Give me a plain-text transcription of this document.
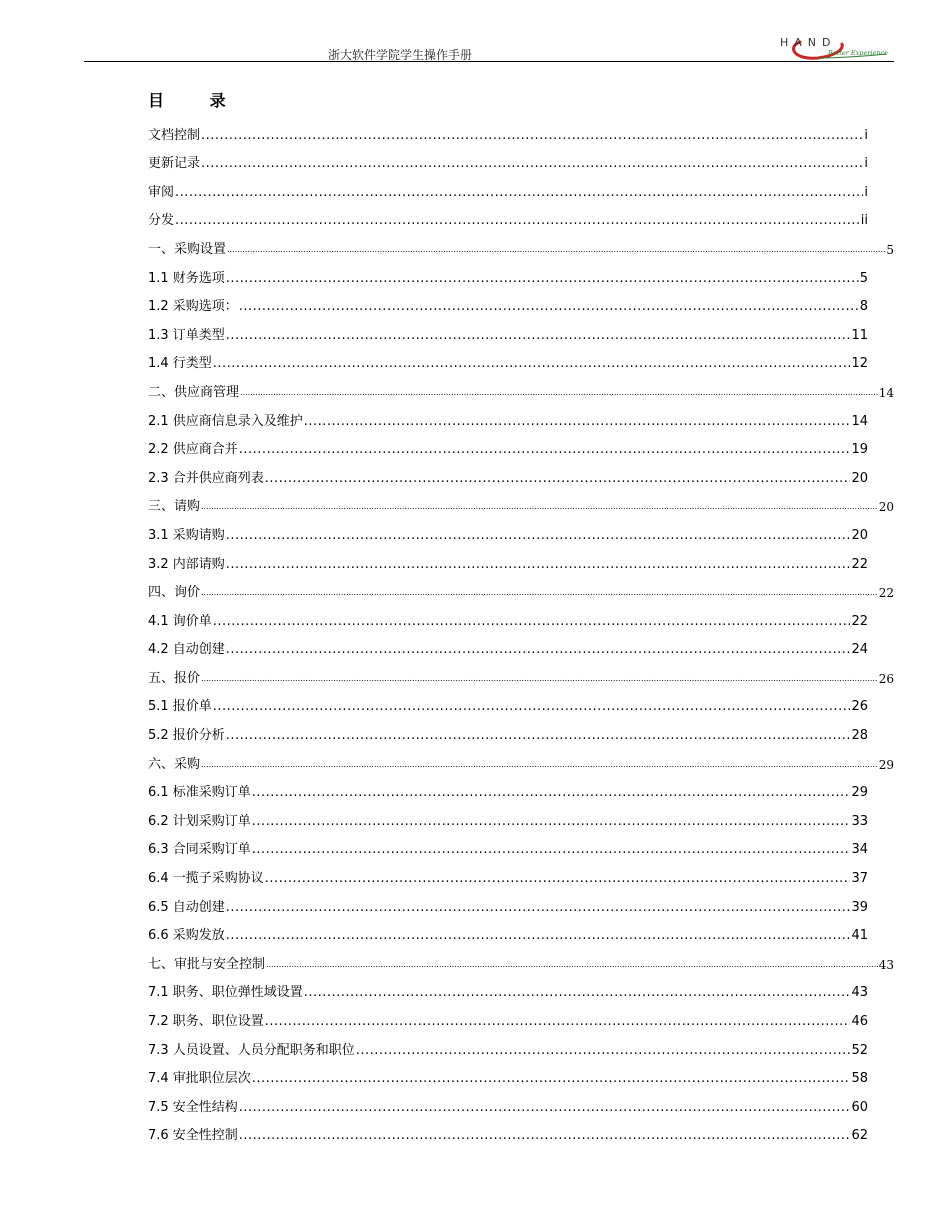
浙大软件学院学生操作手册
HAND
Better Experience
目 录
文档控制 .....	i
更新记录 .....	i
审阅 .....	i
分发 .....	ii
一、采购设置 .....	5
1.1 财务选项 .....	5
1.2 采购选项： .....	8
1.3 订单类型 .....	11
1.4 行类型 .....	12
二、供应商管理 .....	14
2.1 供应商信息录入及维护 .....	14
2.2 供应商合并 .....	19
2.3 合并供应商列表 .....	20
三、请购 .....	20
3.1 采购请购 .....	20
3.2 内部请购 .....	22
四、询价 .....	22
4.1 询价单 .....	22
4.2 自动创建 .....	24
五、报价 .....	26
5.1 报价单 .....	26
5.2 报价分析 .....	28
六、采购 .....	29
6.1 标准采购订单 .....	29
6.2 计划采购订单 .....	33
6.3 合同采购订单 .....	34
6.4 一揽子采购协议 .....	37
6.5 自动创建 .....	39
6.6 采购发放 .....	41
七、审批与安全控制 .....	43
7.1 职务、职位弹性域设置 .....	43
7.2 职务、职位设置 .....	46
7.3 人员设置、人员分配职务和职位 .....	52
7.4 审批职位层次 .....	58
7.5 安全性结构 .....	60
7.6 安全性控制 .....	62
